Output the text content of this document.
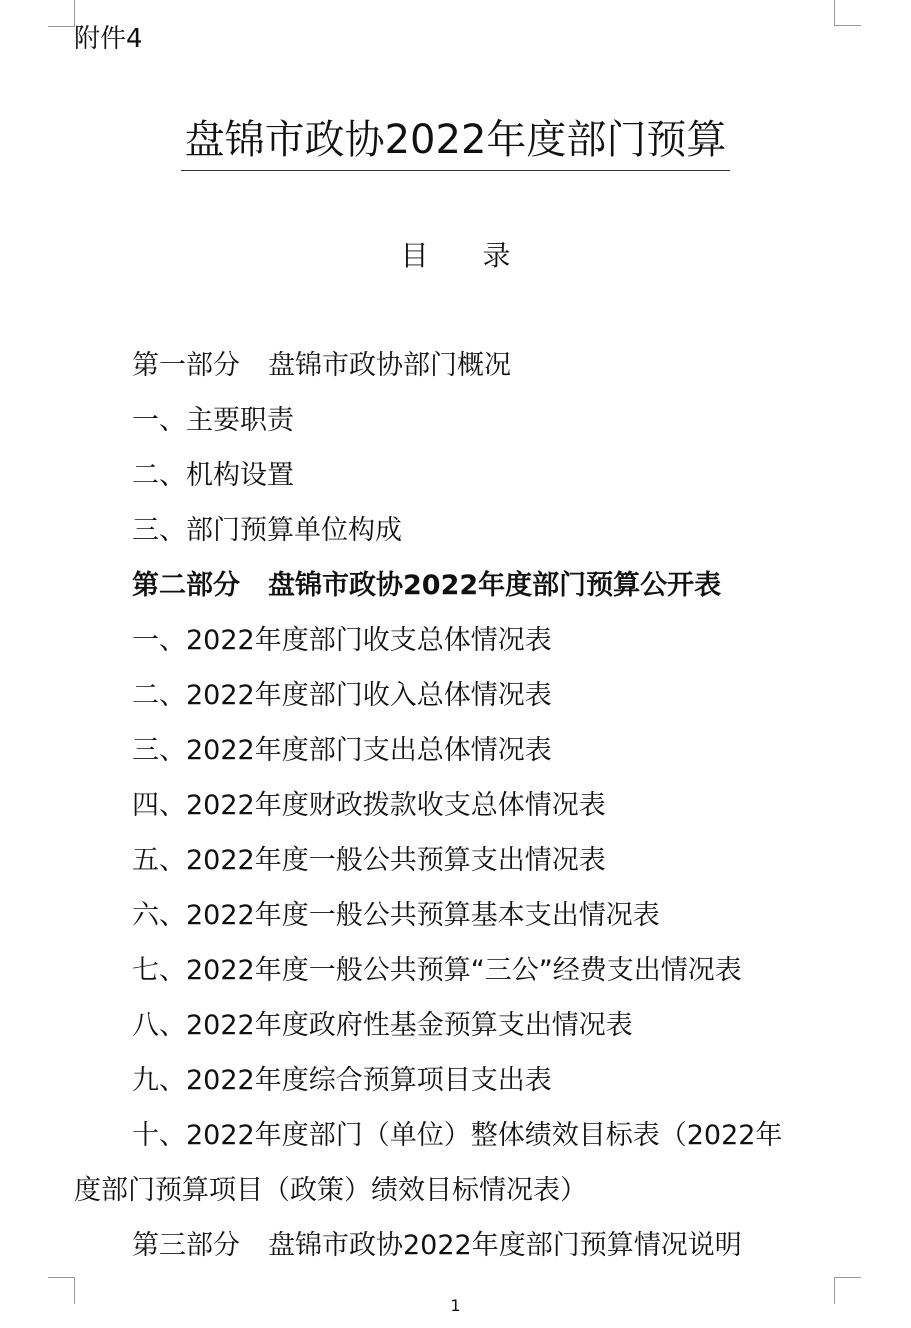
附件4
盘锦市政协2022年度部门预算
目 录
第一部分 盘锦市政协部门概况
一、主要职责
二、机构设置
三、部门预算单位构成
第二部分 盘锦市政协2022年度部门预算公开表
一、2022年度部门收支总体情况表
二、2022年度部门收入总体情况表
三、2022年度部门支出总体情况表
四、2022年度财政拨款收支总体情况表
五、2022年度一般公共预算支出情况表
六、2022年度一般公共预算基本支出情况表
七、2022年度一般公共预算“三公”经费支出情况表
八、2022年度政府性基金预算支出情况表
九、2022年度综合预算项目支出表
十、2022年度部门（单位）整体绩效目标表（2022年
度部门预算项目（政策）绩效目标情况表）
第三部分 盘锦市政协2022年度部门预算情况说明
1
